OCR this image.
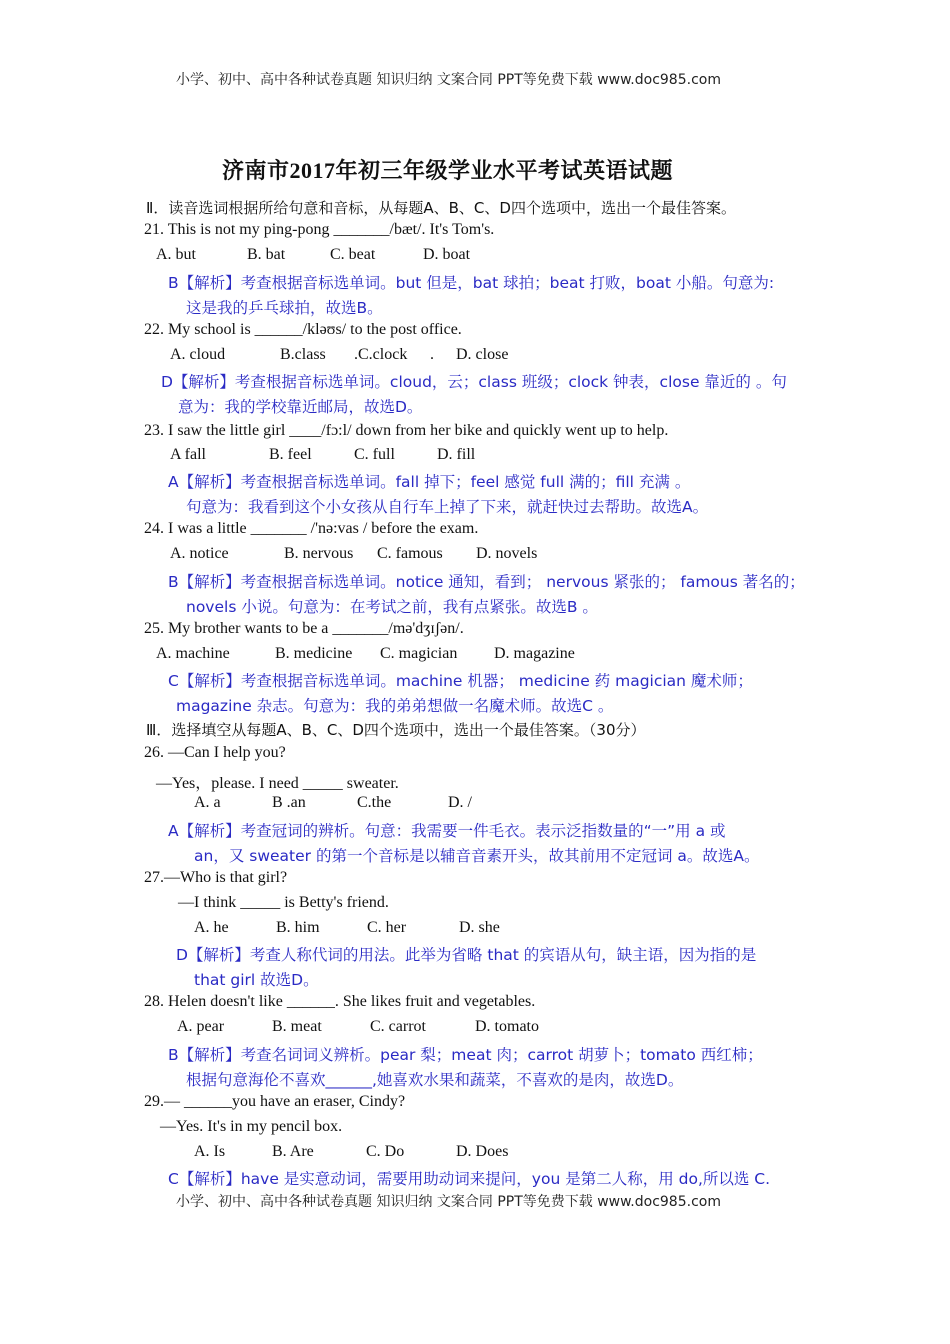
小学、初中、高中各种试卷真题 知识归纳 文案合同 PPT等免费下载 www.doc985.com
济南市2017年初三年级学业水平考试英语试题
Ⅱ．读音选词根据所给句意和音标，从每题A、B、C、D四个选项中，选出一个最佳答案。
21. This is not my ping-pong _______/bæt/. It's Tom's.
A. but	B. bat	C. beat	D. boat
B【解析】考查根据音标选单词。but 但是，bat 球拍；beat 打败，boat 小船。句意为:
这是我的乒乓球拍，故选B。
22. My school is ______/kləʊs/ to the post office.
A. cloud	B.class .C.clock . D. close
D【解析】考查根据音标选单词。cloud，云；class 班级；clock 钟表，close 靠近的 。句
意为：我的学校靠近邮局，故选D。
23. I saw the little girl ____/fɔ:l/ down from her bike and quickly went up to help.
A fall	B. feel	C. full	D. fill
A【解析】考查根据音标选单词。fall 掉下；feel 感觉 full 满的；fill 充满 。
句意为：我看到这个小女孩从自行车上掉了下来，就赶快过去帮助。故选A。
24. I was a little _______ /'nə:vas / before the exam.
A. notice	B. nervous C. famous D. novels
B【解析】考查根据音标选单词。notice 通知，看到； nervous 紧张的； famous 著名的；
novels 小说。句意为：在考试之前，我有点紧张。故选B 。
25. My brother wants to be a _______/mə'dʒɪʃən/.
A. machine	B. medicine C. magician D. magazine
C【解析】考查根据音标选单词。machine 机器； medicine 药 magician 魔术师；
magazine 杂志。句意为：我的弟弟想做一名魔术师。故选C 。
Ⅲ．选择填空从每题A、B、C、D四个选项中，选出一个最佳答案。（30分）
26. —Can I help you?
—Yes，please. I need _____ sweater.
A. a	B .an	C.the	D. /
A【解析】考查冠词的辨析。句意：我需要一件毛衣。表示泛指数量的“一”用 a 或
an，又 sweater 的第一个音标是以辅音音素开头，故其前用不定冠词 a。故选A。
27.—Who is that girl?
—I think _____ is Betty's friend.
A. he	B. him	C. her	D. she
D【解析】考查人称代词的用法。此举为省略 that 的宾语从句，缺主语，因为指的是
that girl 故选D。
28. Helen doesn't like ______. She likes fruit and vegetables.
A. pear	B. meat	C. carrot	D. tomato
B【解析】考查名词词义辨析。pear 梨；meat 肉；carrot 胡萝卜；tomato 西红柿；
根据句意海伦不喜欢______,她喜欢水果和蔬菜，不喜欢的是肉，故选D。
29.— ______you have an eraser, Cindy?
—Yes. It's in my pencil box.
A. Is	B. Are	C. Do	D. Does
C【解析】have 是实意动词，需要用助动词来提问，you 是第二人称，用 do,所以选 C.
小学、初中、高中各种试卷真题 知识归纳 文案合同 PPT等免费下载 www.doc985.com
